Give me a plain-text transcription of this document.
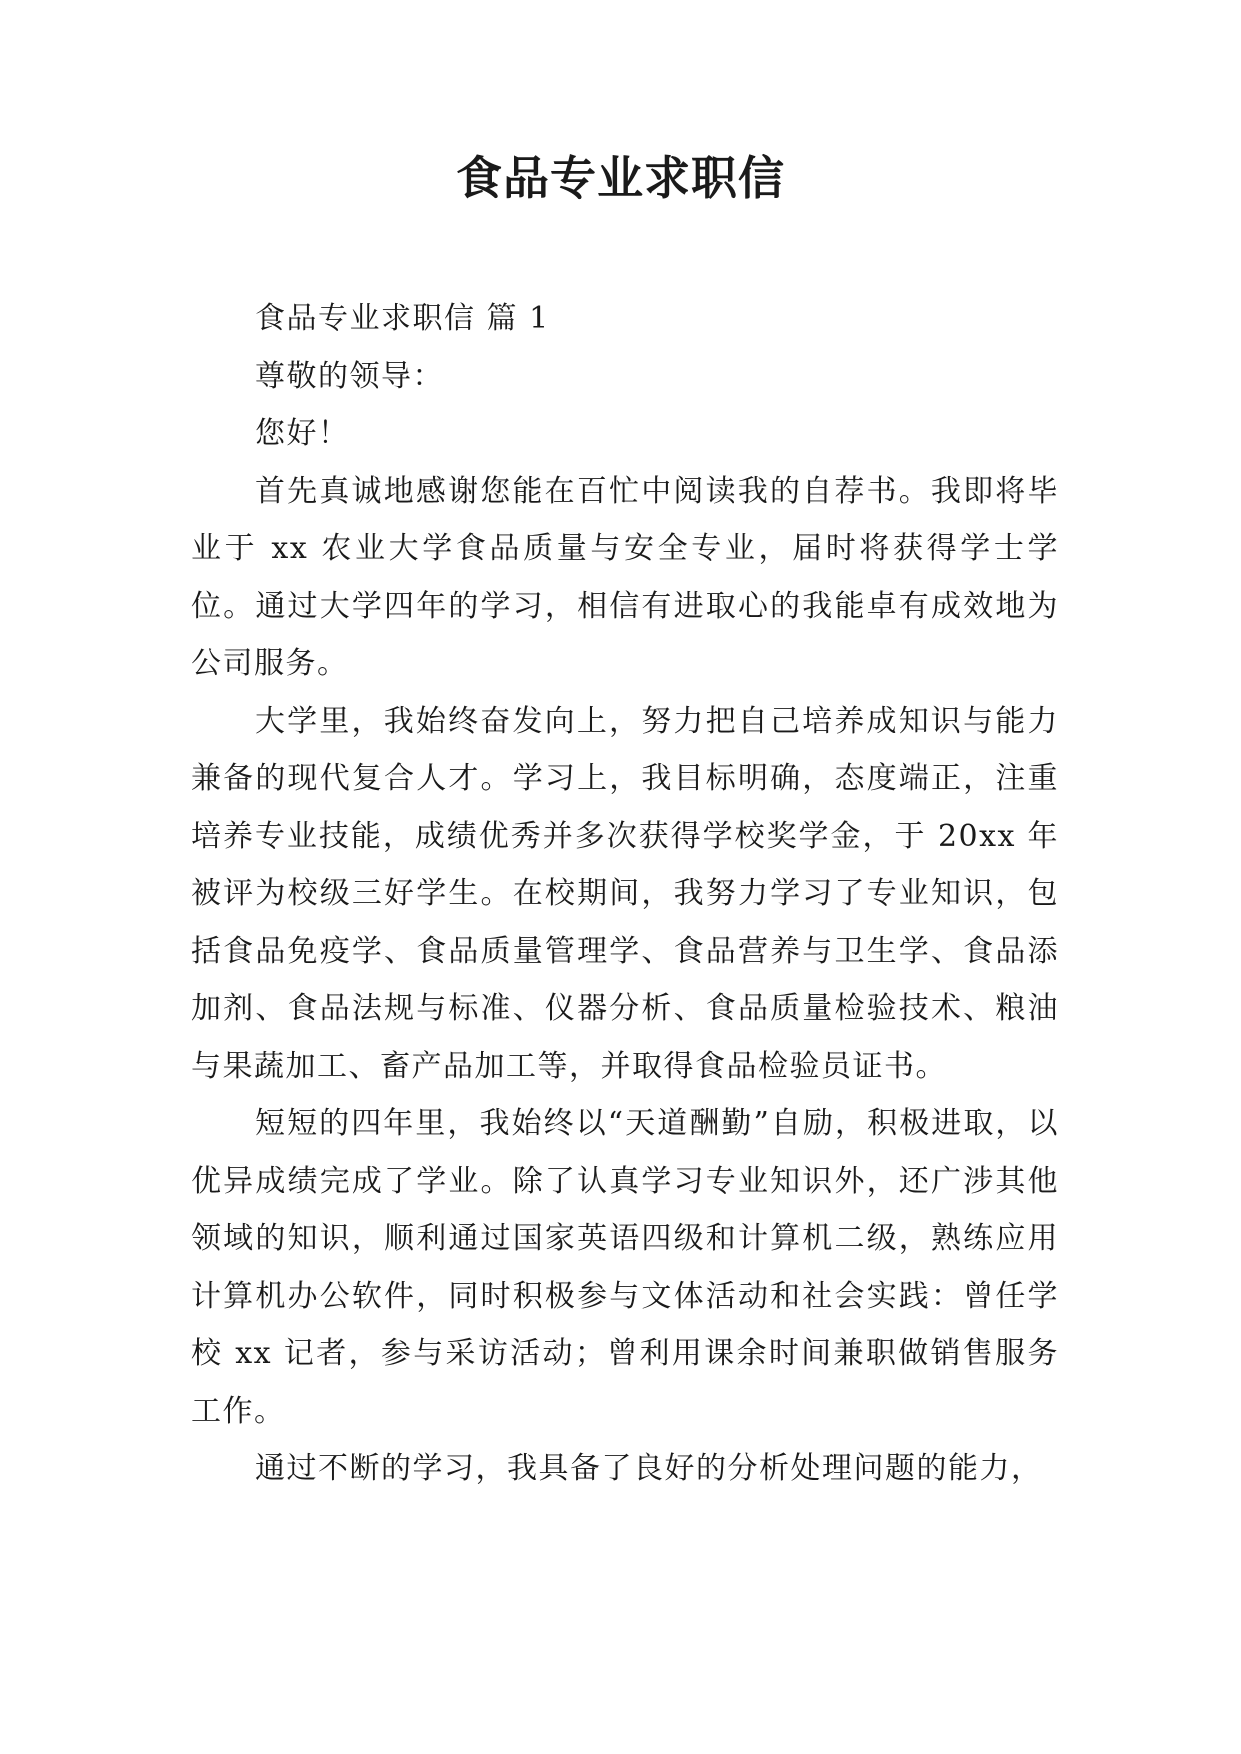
食品专业求职信

食品专业求职信 篇 1

尊敬的领导：

您好！

首先真诚地感谢您能在百忙中阅读我的自荐书。我即将毕业于 xx 农业大学食品质量与安全专业，届时将获得学士学位。通过大学四年的学习，相信有进取心的我能卓有成效地为公司服务。

大学里，我始终奋发向上，努力把自己培养成知识与能力兼备的现代复合人才。学习上，我目标明确，态度端正，注重培养专业技能，成绩优秀并多次获得学校奖学金，于 20xx 年被评为校级三好学生。在校期间，我努力学习了专业知识，包括食品免疫学、食品质量管理学、食品营养与卫生学、食品添加剂、食品法规与标准、仪器分析、食品质量检验技术、粮油与果蔬加工、畜产品加工等，并取得食品检验员证书。

短短的四年里，我始终以“天道酬勤”自励，积极进取，以优异成绩完成了学业。除了认真学习专业知识外，还广涉其他领域的知识，顺利通过国家英语四级和计算机二级，熟练应用计算机办公软件，同时积极参与文体活动和社会实践：曾任学校 xx 记者，参与采访活动；曾利用课余时间兼职做销售服务工作。

通过不断的学习，我具备了良好的分析处理问题的能力，
